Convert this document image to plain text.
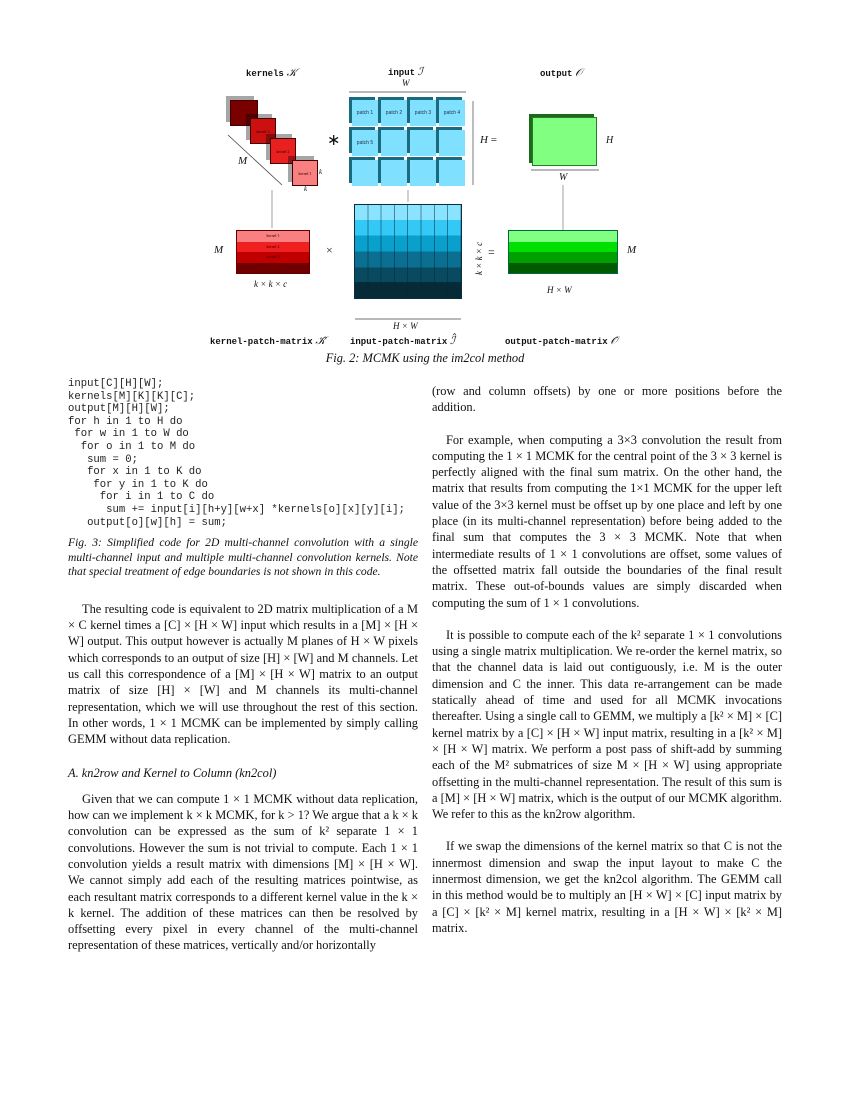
kernels 𝒦	input ℐ	output 𝒪
kernel 3
kernel 2
kernel 1
M
k
k
∗
W
patch 1	patch 2	patch 3	patch 4
patch 5	H =	H
W
M
kernel 1
kernel 2
kernel 3
k × k × c
×	k × k × c
H × W
=	M
H × W
kernel-patch-matrix 𝒦̂	input-patch-matrix ℐ̂	output-patch-matrix 𝒪̂
Fig. 2: MCMK using the im2col method
input[C][H][W];
kernels[M][K][K][C];
output[M][H][W];
for h in 1 to H do
for w in 1 to W do
for o in 1 to M do
sum = 0;
for x in 1 to K do
for y in 1 to K do
for i in 1 to C do
sum += input[i][h+y][w+x] *kernels[o][x][y][i];
output[o][w][h] = sum;
Fig. 3: Simplified code for 2D multi-channel convolution with a single multi-channel input and multiple multi-channel convolution kernels. Note that special treatment of edge boundaries is not shown in this code.

The resulting code is equivalent to 2D matrix multiplication of a M × C kernel times a [C] × [H × W] input which results in a [M] × [H × W] output. This output however is actually M planes of H × W pixels which corresponds to an output of size [H] × [W] and M channels. Let us call this correspondence of a [M] × [H × W] matrix to an output matrix of size [H] × [W] and M channels its multi-channel representation, which we will use throughout the rest of this section. In other words, 1 × 1 MCMK can be implemented by simply calling GEMM without data replication.

A. kn2row and Kernel to Column (kn2col)

Given that we can compute 1 × 1 MCMK without data replication, how can we implement k × k MCMK, for k > 1? We argue that a k × k convolution can be expressed as the sum of k² separate 1 × 1 convolutions. However the sum is not trivial to compute. Each 1 × 1 convolution yields a result matrix with dimensions [M] × [H × W]. We cannot simply add each of the resulting matrices pointwise, as each resultant matrix corresponds to a different kernel value in the k × k kernel. The addition of these matrices can then be resolved by offsetting every pixel in every channel of the multi-channel representation of these matrices, vertically and/or horizontally

(row and column offsets) by one or more positions before the addition.

For example, when computing a 3×3 convolution the result from computing the 1 × 1 MCMK for the central point of the 3 × 3 kernel is perfectly aligned with the final sum matrix. On the other hand, the matrix that results from computing the 1×1 MCMK for the upper left value of the 3×3 kernel must be offset up by one place and left by one place (in its multi-channel representation) before being added to the final sum that computes the 3 × 3 MCMK. Note that when intermediate results of 1 × 1 convolutions are offset, some values of the offsetted matrix fall outside the boundaries of the final result matrix. These out-of-bounds values are simply discarded when computing the sum of 1 × 1 convolutions.

It is possible to compute each of the k² separate 1 × 1 convolutions using a single matrix multiplication. We re-order the kernel matrix, so that the channel data is laid out contiguously, i.e. M is the outer dimension and C the inner. This data re-arrangement can be made statically ahead of time and used for all MCMK invocations thereafter. Using a single call to GEMM, we multiply a [k² × M] × [C] kernel matrix by a [C] × [H × W] input matrix, resulting in a [k² × M] × [H × W] matrix. We perform a post pass of shift-add by summing each of the M² submatrices of size M × [H × W] using appropriate offsetting in the multi-channel representation. The result of this sum is a [M] × [H × W] matrix, which is the output of our MCMK algorithm. We refer to this as the kn2row algorithm.

If we swap the dimensions of the kernel matrix so that C is not the innermost dimension and swap the input layout to make C the innermost dimension, we get the kn2col algorithm. The GEMM call in this method would be to multiply an [H × W] × [C] input matrix by a [C] × [k² × M] kernel matrix, resulting in a [H × W] × [k² × M] matrix.
